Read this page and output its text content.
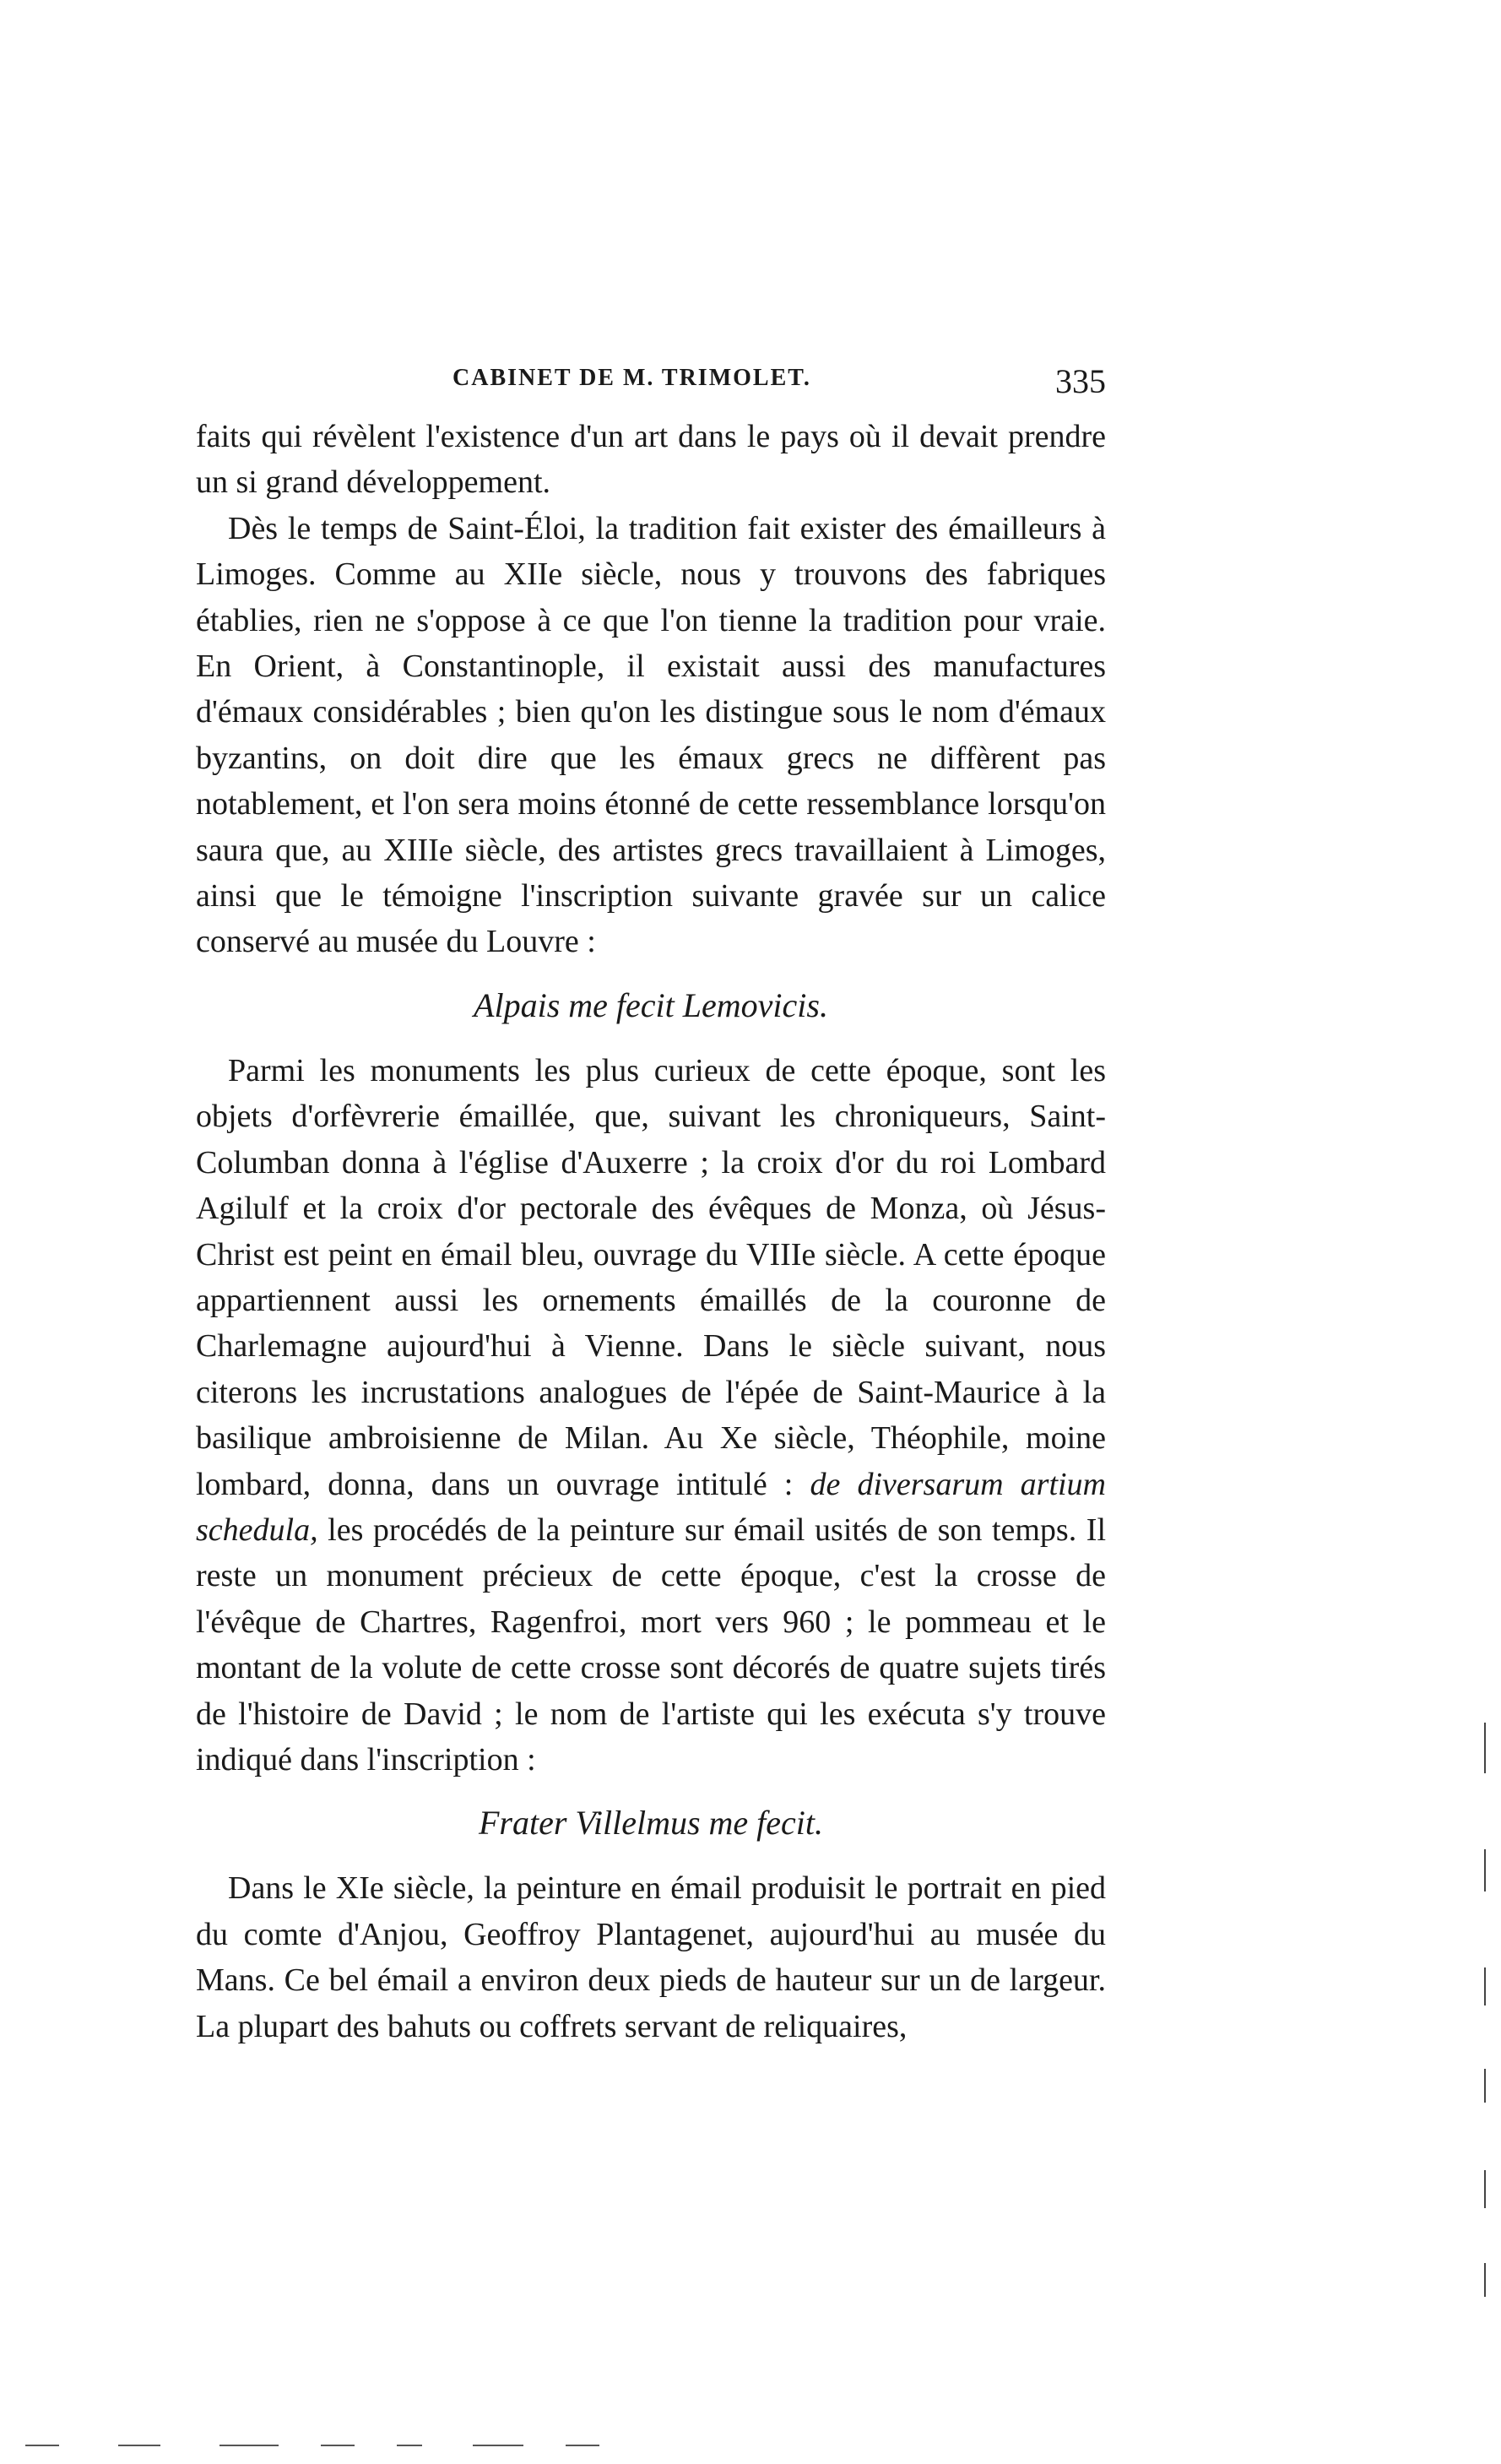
CABINET DE M. TRIMOLET.	335

faits qui révèlent l'existence d'un art dans le pays où il devait prendre un si grand développement.

Dès le temps de Saint-Éloi, la tradition fait exister des émailleurs à Limoges. Comme au XIIe siècle, nous y trouvons des fabriques établies, rien ne s'oppose à ce que l'on tienne la tradition pour vraie. En Orient, à Constantinople, il existait aussi des manufactures d'émaux considérables ; bien qu'on les distingue sous le nom d'émaux byzantins, on doit dire que les émaux grecs ne diffèrent pas notablement, et l'on sera moins étonné de cette ressemblance lorsqu'on saura que, au XIIIe siècle, des artistes grecs travaillaient à Limoges, ainsi que le témoigne l'inscription suivante gravée sur un calice conservé au musée du Louvre :

Alpais me fecit Lemovicis.

Parmi les monuments les plus curieux de cette époque, sont les objets d'orfèvrerie émaillée, que, suivant les chroniqueurs, Saint-Columban donna à l'église d'Auxerre ; la croix d'or du roi Lombard Agilulf et la croix d'or pectorale des évêques de Monza, où Jésus-Christ est peint en émail bleu, ouvrage du VIIIe siècle. A cette époque appartiennent aussi les ornements émaillés de la couronne de Charlemagne aujourd'hui à Vienne. Dans le siècle suivant, nous citerons les incrustations analogues de l'épée de Saint-Maurice à la basilique ambroisienne de Milan. Au Xe siècle, Théophile, moine lombard, donna, dans un ouvrage intitulé : de diversarum artium schedula, les procédés de la peinture sur émail usités de son temps. Il reste un monument précieux de cette époque, c'est la crosse de l'évêque de Chartres, Ragenfroi, mort vers 960 ; le pommeau et le montant de la volute de cette crosse sont décorés de quatre sujets tirés de l'histoire de David ; le nom de l'artiste qui les exécuta s'y trouve indiqué dans l'inscription :

Frater Villelmus me fecit.

Dans le XIe siècle, la peinture en émail produisit le portrait en pied du comte d'Anjou, Geoffroy Plantagenet, aujourd'hui au musée du Mans. Ce bel émail a environ deux pieds de hauteur sur un de largeur. La plupart des bahuts ou coffrets servant de reliquaires,
